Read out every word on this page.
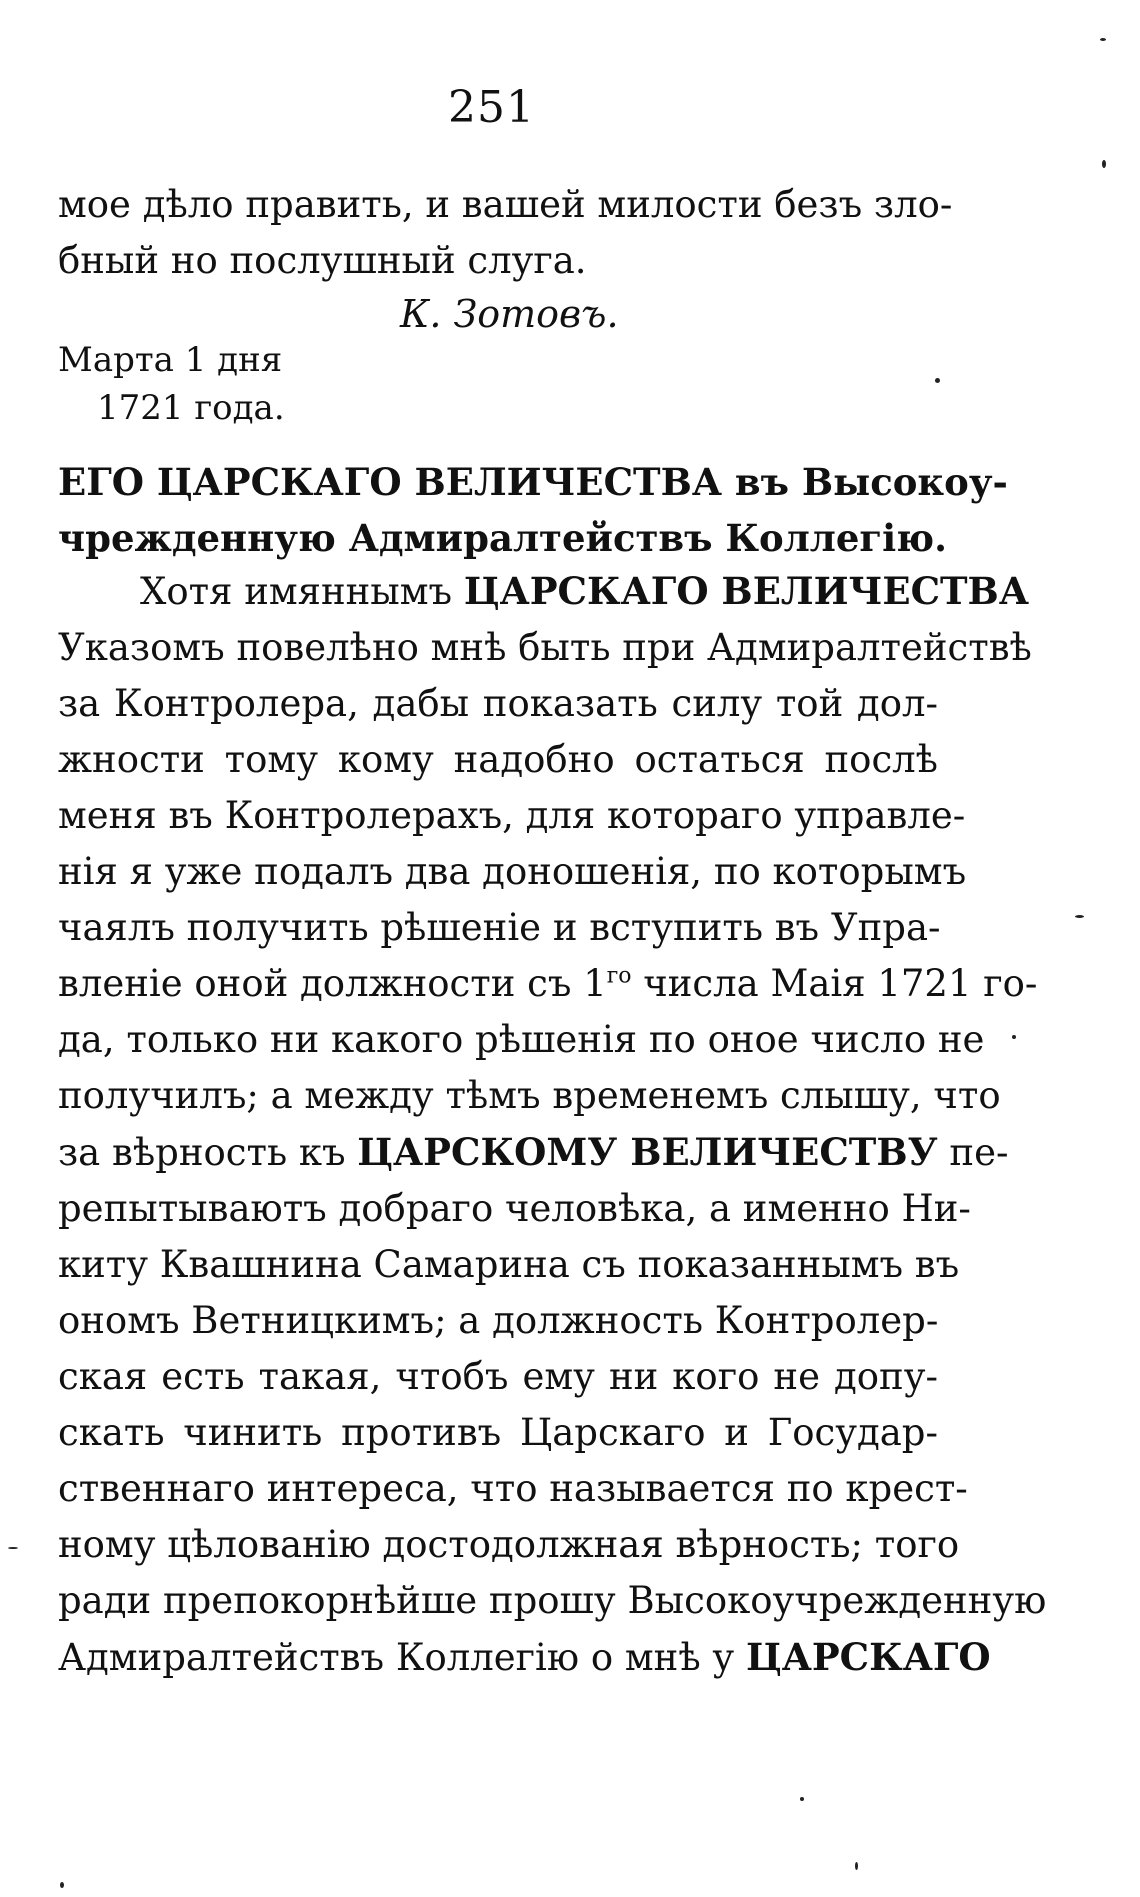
251
мое дѣло править, и вашей милости безъ зло-
бный но послушный слуга.
К. Зотовъ.
Марта 1 дня
1721 года.
ЕГО ЦАРСКАГО ВЕЛИЧЕСТВА въ Высокоу-
чрежденную Адмиралтействъ Коллегію.
Хотя имяннымъ ЦАРСКАГО ВЕЛИЧЕСТВА
Указомъ повелѣно мнѣ быть при Адмиралтействѣ
за Контролера, дабы показать силу той дол-
жности тому кому надобно остаться послѣ
меня въ Контролерахъ, для котораго управле-
нія я уже подалъ два доношенія, по которымъ
чаялъ получить рѣшеніе и вступить въ Упра-
вленіе оной должности съ $1^{го}$ числа Маія 1721 го-
да, только ни какого рѣшенія по оное число не
получилъ; а между тѣмъ временемъ слышу, что
за вѣрность къ ЦАРСКОМУ ВЕЛИЧЕСТВУ пе-
репытываютъ добраго человѣка, а именно Ни-
киту Квашнина Самарина съ показаннымъ въ
ономъ Ветницкимъ; а должность Контролер-
ская есть такая, чтобъ ему ни кого не допу-
скать чинить противъ Царскаго и Государ-
ственнаго интереса, что называется по крест-
ному цѣлованію достодолжная вѣрность; того
ради препокорнѣйше прошу Высокоучрежденную
Адмиралтействъ Коллегію о мнѣ у ЦАРСКАГО
